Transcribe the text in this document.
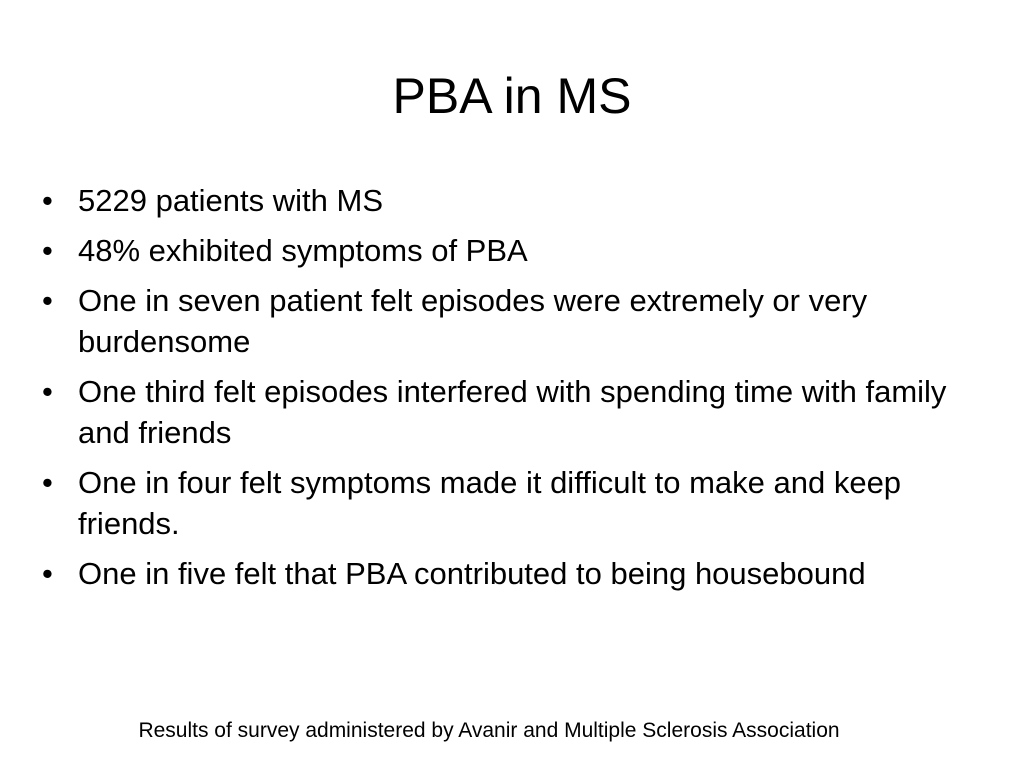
PBA in MS
• 5229 patients with MS
• 48% exhibited symptoms of PBA
• One in seven patient felt episodes were extremely or very burdensome
• One third felt episodes interfered with spending time with family and friends
• One in four felt symptoms made it difficult to make and keep friends.
• One in five felt that PBA contributed to being housebound
Results of survey administered by Avanir and Multiple Sclerosis Association
